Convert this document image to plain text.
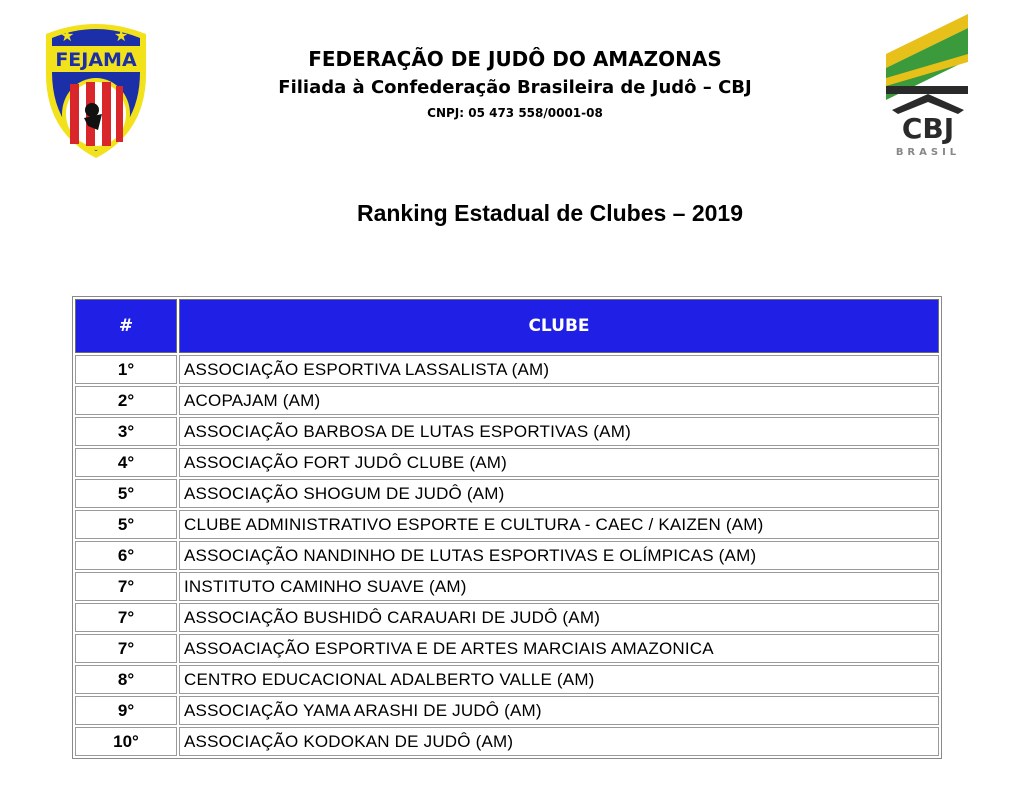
★ ★
FEJAMA	FEDERAÇÃO DE JUDÔ DO AMAZONAS
Filiada à Confederação Brasileira de Judô – CBJ
CNPJ: 05 473 558/0001-08	CBJ
BRASIL
Ranking Estadual de Clubes – 2019
#	CLUBE
1°	ASSOCIAÇÃO ESPORTIVA LASSALISTA (AM)
2°	ACOPAJAM (AM)
3°	ASSOCIAÇÃO BARBOSA DE LUTAS ESPORTIVAS (AM)
4°	ASSOCIAÇÃO FORT JUDÔ CLUBE (AM)
5°	ASSOCIAÇÃO SHOGUM DE JUDÔ (AM)
5°	CLUBE ADMINISTRATIVO ESPORTE E CULTURA - CAEC / KAIZEN (AM)
6°	ASSOCIAÇÃO NANDINHO DE LUTAS ESPORTIVAS E OLÍMPICAS (AM)
7°	INSTITUTO CAMINHO SUAVE (AM)
7°	ASSOCIAÇÃO BUSHIDÔ CARAUARI DE JUDÔ (AM)
7°	ASSOACIAÇÃO ESPORTIVA E DE ARTES MARCIAIS AMAZONICA
8°	CENTRO EDUCACIONAL ADALBERTO VALLE (AM)
9°	ASSOCIAÇÃO YAMA ARASHI DE JUDÔ (AM)
10°	ASSOCIAÇÃO KODOKAN DE JUDÔ (AM)
